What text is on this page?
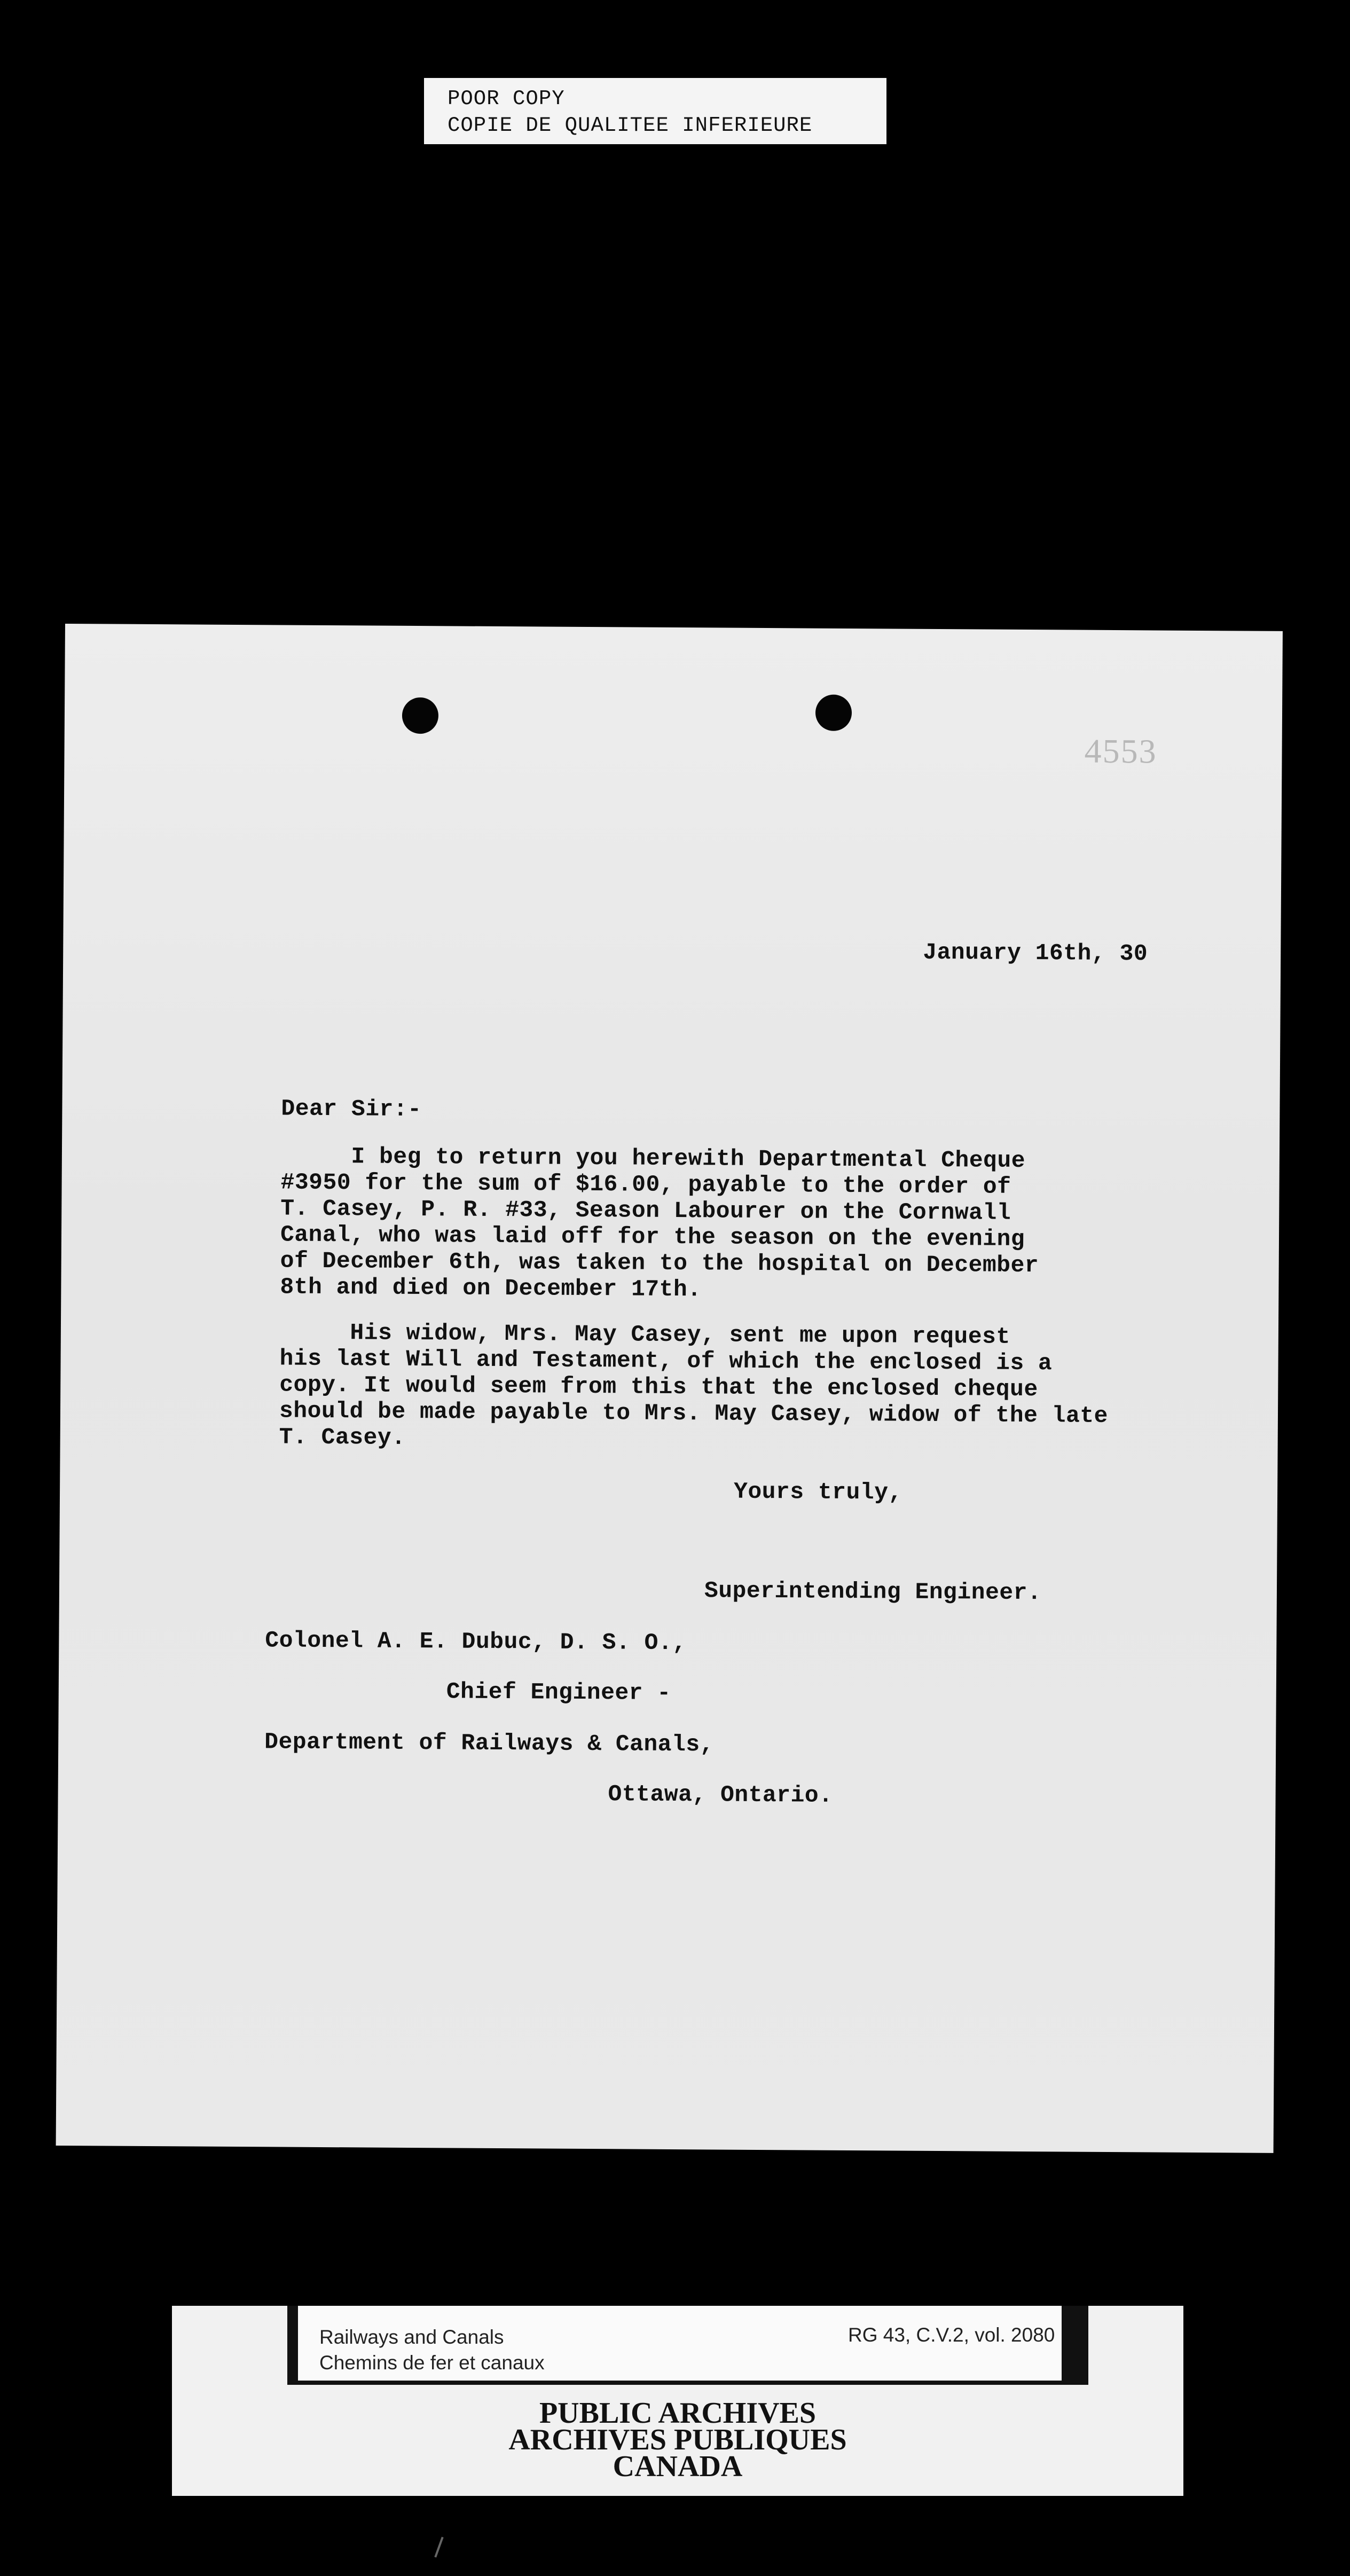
POOR COPY
COPIE DE QUALITEE INFERIEURE
4553
January 16th, 30
Dear Sir:-
I beg to return you herewith Departmental Cheque
#3950 for the sum of $16.00, payable to the order of
T. Casey, P. R. #33, Season Labourer on the Cornwall
Canal, who was laid off for the season on the evening
of December 6th, was taken to the hospital on December
8th and died on December 17th.
His widow, Mrs. May Casey, sent me upon request
his last Will and Testament, of which the enclosed is a
copy. It would seem from this that the enclosed cheque
should be made payable to Mrs. May Casey, widow of the late
T. Casey.
Yours truly,
Superintending Engineer.
Colonel A. E. Dubuc, D. S. O.,
Chief Engineer -
Department of Railways & Canals,
Ottawa, Ontario.
Railways and Canals
Chemins de fer et canaux
RG 43, C.V.2, vol. 2080
PUBLIC ARCHIVES
ARCHIVES PUBLIQUES
CANADA
